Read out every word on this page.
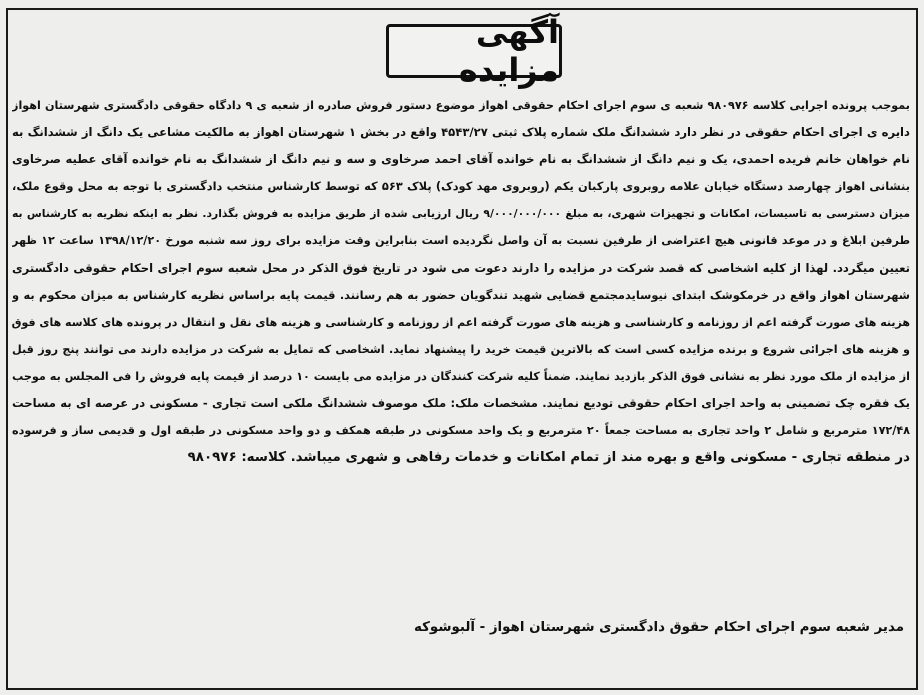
آگهی مزایده
بموجب پرونده اجرایی کلاسه ۹۸۰۹۷۶ شعبه ی سوم اجرای احکام حقوقی اهواز موضوع دستور فروش صادره از شعبه ی ۹ دادگاه حقوقی دادگستری شهرستان اهواز
دایره ی اجرای احکام حقوقی در نظر دارد ششدانگ ملک شماره پلاک ثبتی ۴۵۴۳/۲۷ واقع در بخش ۱ شهرستان اهواز به مالکیت مشاعی یک دانگ از ششدانگ به
نام خواهان خانم فریده احمدی، یک و نیم دانگ از ششدانگ به نام خوانده آقای احمد صرخاوی و سه و نیم دانگ از ششدانگ به نام خوانده آقای عطیه صرخاوی
بنشانی اهواز چهارصد دستگاه خیابان علامه روبروی پارکبان یکم (روبروی مهد کودک) پلاک ۵۶۳ که توسط کارشناس منتخب دادگستری با توجه به محل وقوع ملک،
میزان دسترسی به تاسیسات، امکانات و تجهیزات شهری، به مبلغ ۹/۰۰۰/۰۰۰/۰۰۰ ریال ارزیابی شده از طریق مزایده به فروش بگذارد. نظر به اینکه نظریه به کارشناس به
طرفین ابلاغ و در موعد قانونی هیچ اعتراضی از طرفین نسبت به آن واصل نگردیده است بنابراین وقت مزایده برای روز سه شنبه مورخ ۱۳۹۸/۱۲/۲۰ ساعت ۱۲ ظهر
تعیین میگردد. لهذا از کلیه اشخاصی که قصد شرکت در مزایده را دارند دعوت می شود در تاریخ فوق الذکر در محل شعبه سوم اجرای احکام حقوقی دادگستری
شهرستان اهواز واقع در خرمکوشک ابتدای نیوسایدمجتمع قضایی شهید تندگویان حضور به هم رسانند. قیمت پایه براساس نظریه کارشناس به میزان محکوم به و
هزینه های صورت گرفته اعم از روزنامه و کارشناسی و هزینه های صورت گرفته اعم از روزنامه و کارشناسی و هزینه های نقل و انتقال در پرونده های کلاسه های فوق
و هزینه های اجرائی شروع و برنده مزایده کسی است که بالاترین قیمت خرید را پیشنهاد نماید. اشخاصی که تمایل به شرکت در مزایده دارند می توانند پنج روز قبل
از مزایده از ملک مورد نظر به نشانی فوق الذکر بازدید نمایند. ضمناً کلیه شرکت کنندگان در مزایده می بایست ۱۰ درصد از قیمت پایه فروش را فی المجلس به موجب
یک فقره چک تضمینی به واحد اجرای احکام حقوقی تودیع نمایند. مشخصات ملک: ملک موصوف ششدانگ ملکی است تجاری - مسکونی در عرصه ای به مساحت
۱۷۲/۴۸ مترمربع و شامل ۲ واحد تجاری به مساحت جمعاً ۲۰ مترمربع و یک واحد مسکونی در طبقه همکف و دو واحد مسکونی در طبقه اول و قدیمی ساز و فرسوده
در منطقه تجاری - مسکونی واقع و بهره مند از تمام امکانات و خدمات رفاهی و شهری میباشد. کلاسه: ۹۸۰۹۷۶
مدیر شعبه سوم اجرای احکام حقوق دادگستری شهرستان اهواز - آلبوشوکه
